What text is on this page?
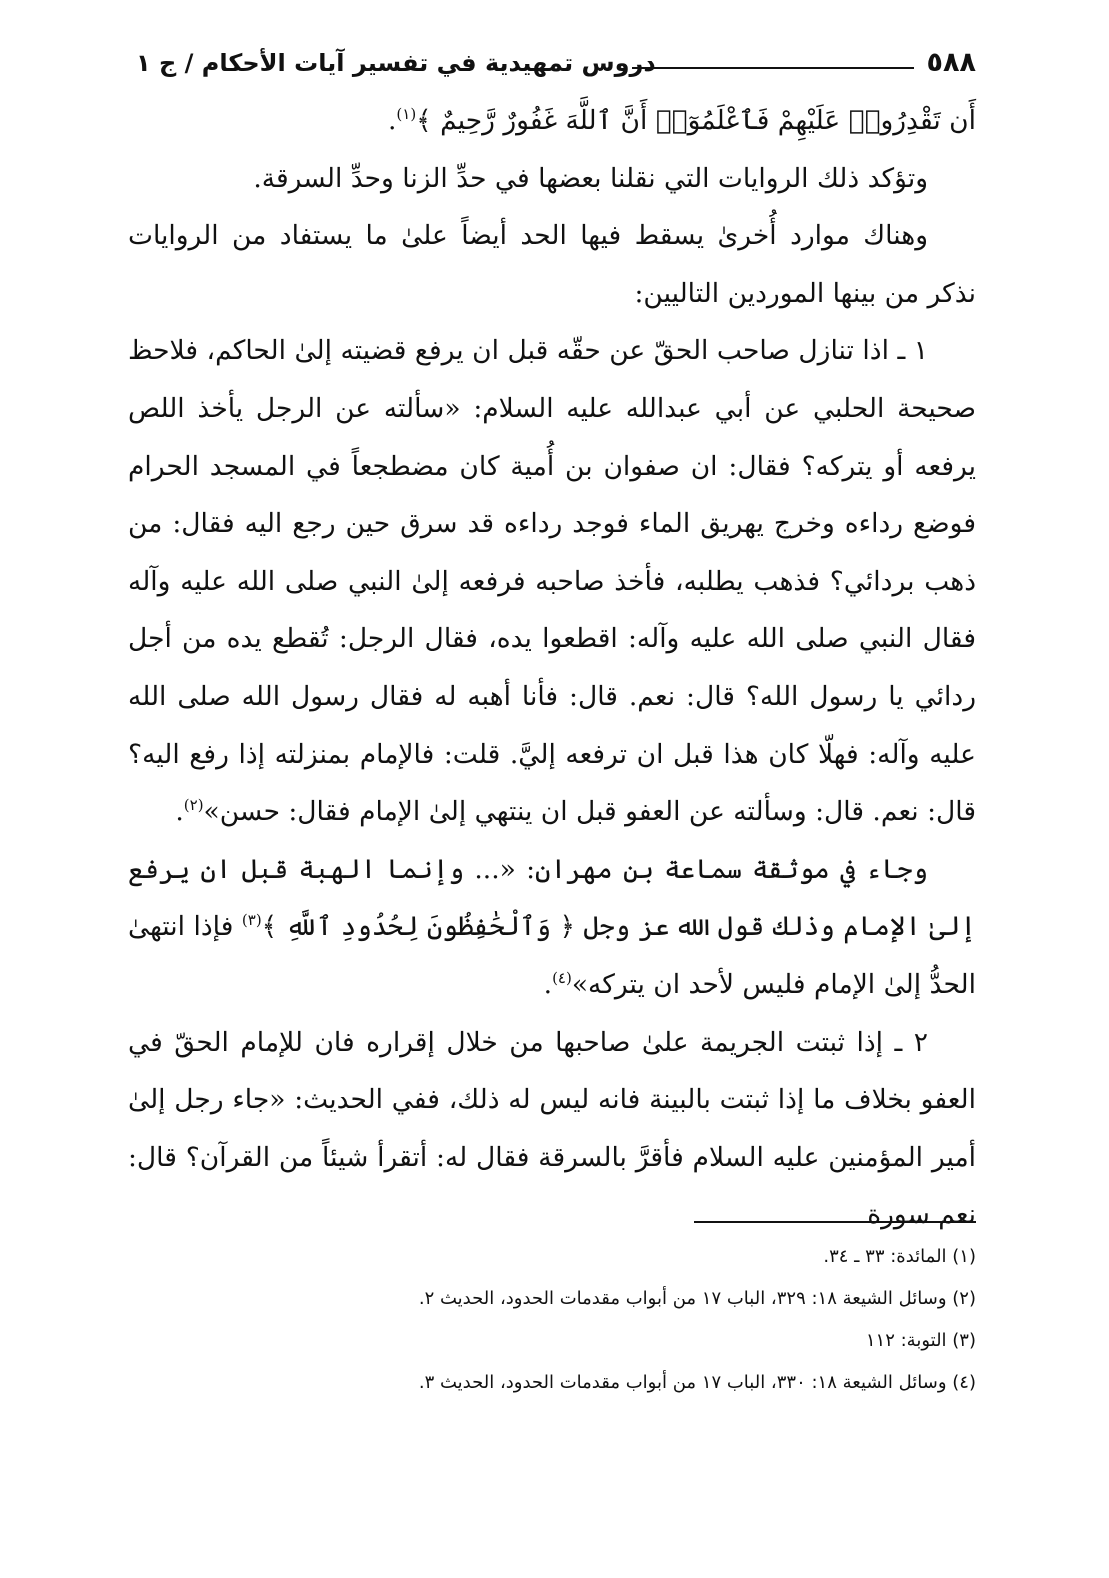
٥٨٨
دروس تمهيدية في تفسير آيات الأحكام / ج ١

أَن تَقْدِرُوا۟ عَلَيْهِمْ فَٱعْلَمُوٓا۟ أَنَّ ٱللَّهَ غَفُورٌ رَّحِيمٌ ﴾$^{(١)}$.

وتؤكد ذلك الروايات التي نقلنا بعضها في حدِّ الزنا وحدِّ السرقة.

وهناك موارد أُخرىٰ يسقط فيها الحد أيضاً علىٰ ما يستفاد من الروايات نذكر من بينها الموردين التاليين:

١ ـ اذا تنازل صاحب الحقّ عن حقّه قبل ان يرفع قضيته إلىٰ الحاكم، فلاحظ صحيحة الحلبي عن أبي عبدالله عليه السلام: «سألته عن الرجل يأخذ اللص يرفعه أو يتركه؟ فقال: ان صفوان بن أُمية كان مضطجعاً في المسجد الحرام فوضع رداءه وخرج يهريق الماء فوجد رداءه قد سرق حين رجع اليه فقال: من ذهب بردائي؟ فذهب يطلبه، فأخذ صاحبه فرفعه إلىٰ النبي صلى الله عليه وآله فقال النبي صلى الله عليه وآله: اقطعوا يده، فقال الرجل: تُقطع يده من أجل ردائي يا رسول الله؟ قال: نعم. قال: فأنا أهبه له فقال رسول الله صلى الله عليه وآله: فهلّا كان هذا قبل ان ترفعه إليَّ. قلت: فالإمام بمنزلته إذا رفع اليه؟ قال: نعم. قال: وسألته عن العفو قبل ان ينتهي إلىٰ الإمام فقال: حسن»$^{(٢)}$.

وجاء في موثقة سماعة بن مهران: «... وإنما الهبة قبل ان يرفع إلىٰ الإمام وذلك قول الله عز وجل ﴿ وَٱلْحَٰفِظُونَ لِحُدُودِ ٱللَّهِ ﴾$^{(٣)}$ فإذا انتهىٰ الحدُّ إلىٰ الإمام فليس لأحد ان يتركه»$^{(٤)}$.

٢ ـ إذا ثبتت الجريمة علىٰ صاحبها من خلال إقراره فان للإمام الحقّ في العفو بخلاف ما إذا ثبتت بالبينة فانه ليس له ذلك، ففي الحديث: «جاء رجل إلىٰ أمير المؤمنين عليه السلام فأقرَّ بالسرقة فقال له: أتقرأ شيئاً من القرآن؟ قال: نعم سورة

(١) المائدة: ٣٣ ـ ٣٤.

(٢) وسائل الشيعة ١٨: ٣٢٩، الباب ١٧ من أبواب مقدمات الحدود، الحديث ٢.

(٣) التوبة: ١١٢

(٤) وسائل الشيعة ١٨: ٣٣٠، الباب ١٧ من أبواب مقدمات الحدود، الحديث ٣.
